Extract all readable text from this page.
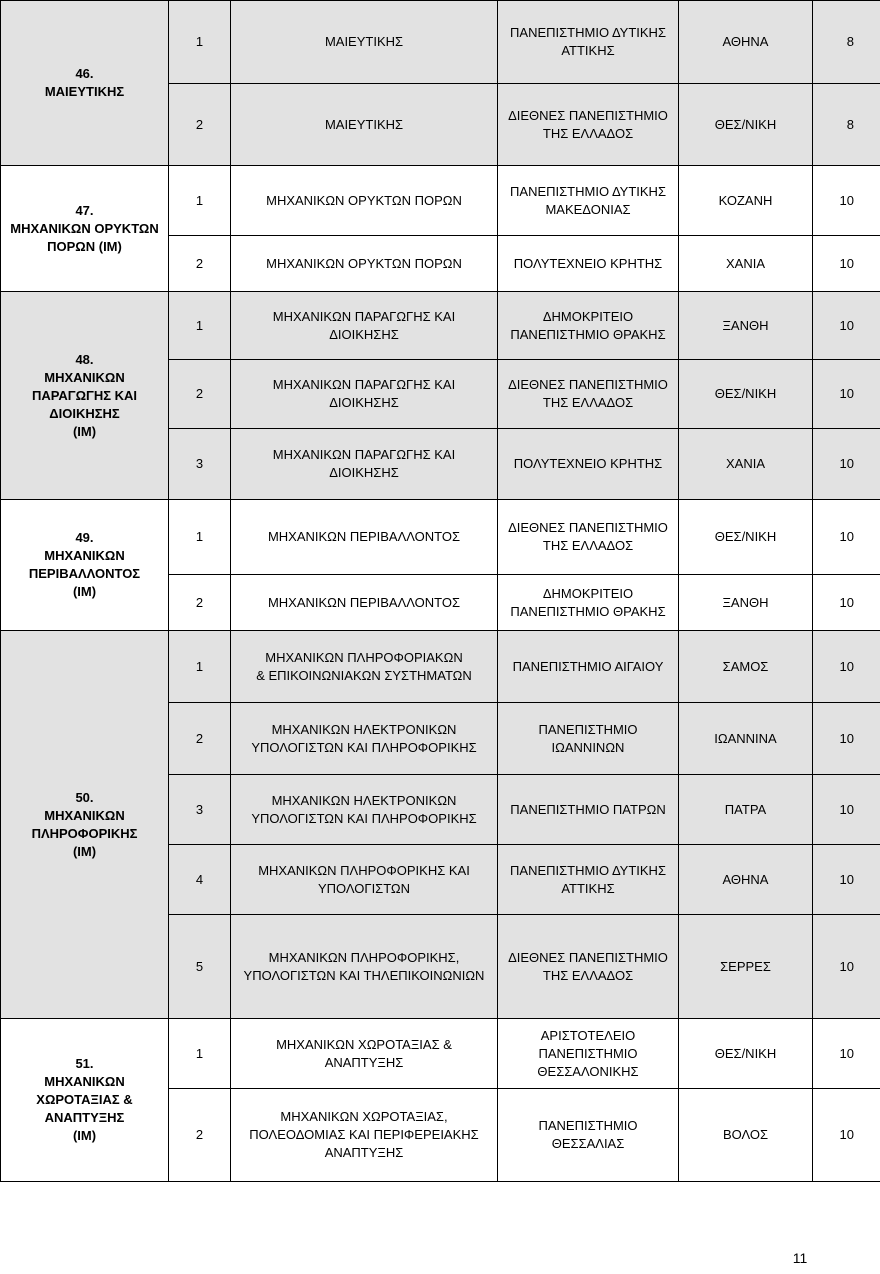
46.
ΜΑΙΕΥΤΙΚΗΣ	1	ΜΑΙΕΥΤΙΚΗΣ	ΠΑΝΕΠΙΣΤΗΜΙΟ ΔΥΤΙΚΗΣ
ΑΤΤΙΚΗΣ	ΑΘΗΝΑ	8
	2	ΜΑΙΕΥΤΙΚΗΣ	ΔΙΕΘΝΕΣ ΠΑΝΕΠΙΣΤΗΜΙΟ
ΤΗΣ ΕΛΛΑΔΟΣ	ΘΕΣ/ΝΙΚΗ	8
47.
ΜΗΧΑΝΙΚΩΝ ΟΡΥΚΤΩΝ
ΠΟΡΩΝ (ΙΜ)	1	ΜΗΧΑΝΙΚΩΝ ΟΡΥΚΤΩΝ ΠΟΡΩΝ	ΠΑΝΕΠΙΣΤΗΜΙΟ ΔΥΤΙΚΗΣ
ΜΑΚΕΔΟΝΙΑΣ	ΚΟΖΑΝΗ	10
	2	ΜΗΧΑΝΙΚΩΝ ΟΡΥΚΤΩΝ ΠΟΡΩΝ	ΠΟΛΥΤΕΧΝΕΙΟ ΚΡΗΤΗΣ	ΧΑΝΙΑ	10
48.
ΜΗΧΑΝΙΚΩΝ
ΠΑΡΑΓΩΓΗΣ ΚΑΙ
ΔΙΟΙΚΗΣΗΣ
(ΙΜ)	1	ΜΗΧΑΝΙΚΩΝ ΠΑΡΑΓΩΓΗΣ ΚΑΙ
ΔΙΟΙΚΗΣΗΣ	ΔΗΜΟΚΡΙΤΕΙΟ
ΠΑΝΕΠΙΣΤΗΜΙΟ ΘΡΑΚΗΣ	ΞΑΝΘΗ	10
	2	ΜΗΧΑΝΙΚΩΝ ΠΑΡΑΓΩΓΗΣ ΚΑΙ
ΔΙΟΙΚΗΣΗΣ	ΔΙΕΘΝΕΣ ΠΑΝΕΠΙΣΤΗΜΙΟ
ΤΗΣ ΕΛΛΑΔΟΣ	ΘΕΣ/ΝΙΚΗ	10
	3	ΜΗΧΑΝΙΚΩΝ ΠΑΡΑΓΩΓΗΣ ΚΑΙ
ΔΙΟΙΚΗΣΗΣ	ΠΟΛΥΤΕΧΝΕΙΟ ΚΡΗΤΗΣ	ΧΑΝΙΑ	10
49.
ΜΗΧΑΝΙΚΩΝ
ΠΕΡΙΒΑΛΛΟΝΤΟΣ
(ΙΜ)	1	ΜΗΧΑΝΙΚΩΝ ΠΕΡΙΒΑΛΛΟΝΤΟΣ	ΔΙΕΘΝΕΣ ΠΑΝΕΠΙΣΤΗΜΙΟ
ΤΗΣ ΕΛΛΑΔΟΣ	ΘΕΣ/ΝΙΚΗ	10
	2	ΜΗΧΑΝΙΚΩΝ ΠΕΡΙΒΑΛΛΟΝΤΟΣ	ΔΗΜΟΚΡΙΤΕΙΟ
ΠΑΝΕΠΙΣΤΗΜΙΟ ΘΡΑΚΗΣ	ΞΑΝΘΗ	10
50.
ΜΗΧΑΝΙΚΩΝ
ΠΛΗΡΟΦΟΡΙΚΗΣ
(ΙΜ)	1	ΜΗΧΑΝΙΚΩΝ ΠΛΗΡΟΦΟΡΙΑΚΩΝ
& ΕΠΙΚΟΙΝΩΝΙΑΚΩΝ ΣΥΣΤΗΜΑΤΩΝ	ΠΑΝΕΠΙΣΤΗΜΙΟ ΑΙΓΑΙΟΥ	ΣΑΜΟΣ	10
	2	ΜΗΧΑΝΙΚΩΝ ΗΛΕΚΤΡΟΝΙΚΩΝ
ΥΠΟΛΟΓΙΣΤΩΝ ΚΑΙ ΠΛΗΡΟΦΟΡΙΚΗΣ	ΠΑΝΕΠΙΣΤΗΜΙΟ
ΙΩΑΝΝΙΝΩΝ	ΙΩΑΝΝΙΝΑ	10
	3	ΜΗΧΑΝΙΚΩΝ ΗΛΕΚΤΡΟΝΙΚΩΝ
ΥΠΟΛΟΓΙΣΤΩΝ ΚΑΙ ΠΛΗΡΟΦΟΡΙΚΗΣ	ΠΑΝΕΠΙΣΤΗΜΙΟ ΠΑΤΡΩΝ	ΠΑΤΡΑ	10
	4	ΜΗΧΑΝΙΚΩΝ ΠΛΗΡΟΦΟΡΙΚΗΣ ΚΑΙ
ΥΠΟΛΟΓΙΣΤΩΝ	ΠΑΝΕΠΙΣΤΗΜΙΟ ΔΥΤΙΚΗΣ
ΑΤΤΙΚΗΣ	ΑΘΗΝΑ	10
	5	ΜΗΧΑΝΙΚΩΝ ΠΛΗΡΟΦΟΡΙΚΗΣ,
ΥΠΟΛΟΓΙΣΤΩΝ ΚΑΙ ΤΗΛΕΠΙΚΟΙΝΩΝΙΩΝ	ΔΙΕΘΝΕΣ ΠΑΝΕΠΙΣΤΗΜΙΟ
ΤΗΣ ΕΛΛΑΔΟΣ	ΣΕΡΡΕΣ	10
51.
ΜΗΧΑΝΙΚΩΝ
ΧΩΡΟΤΑΞΙΑΣ &
ΑΝΑΠΤΥΞΗΣ
(ΙΜ)	1	ΜΗΧΑΝΙΚΩΝ ΧΩΡΟΤΑΞΙΑΣ &
ΑΝΑΠΤΥΞΗΣ	ΑΡΙΣΤΟΤΕΛΕΙΟ
ΠΑΝΕΠΙΣΤΗΜΙΟ
ΘΕΣΣΑΛΟΝΙΚΗΣ	ΘΕΣ/ΝΙΚΗ	10
	2	ΜΗΧΑΝΙΚΩΝ ΧΩΡΟΤΑΞΙΑΣ,
ΠΟΛΕΟΔΟΜΙΑΣ ΚΑΙ ΠΕΡΙΦΕΡΕΙΑΚΗΣ
ΑΝΑΠΤΥΞΗΣ	ΠΑΝΕΠΙΣΤΗΜΙΟ
ΘΕΣΣΑΛΙΑΣ	ΒΟΛΟΣ	10
11
